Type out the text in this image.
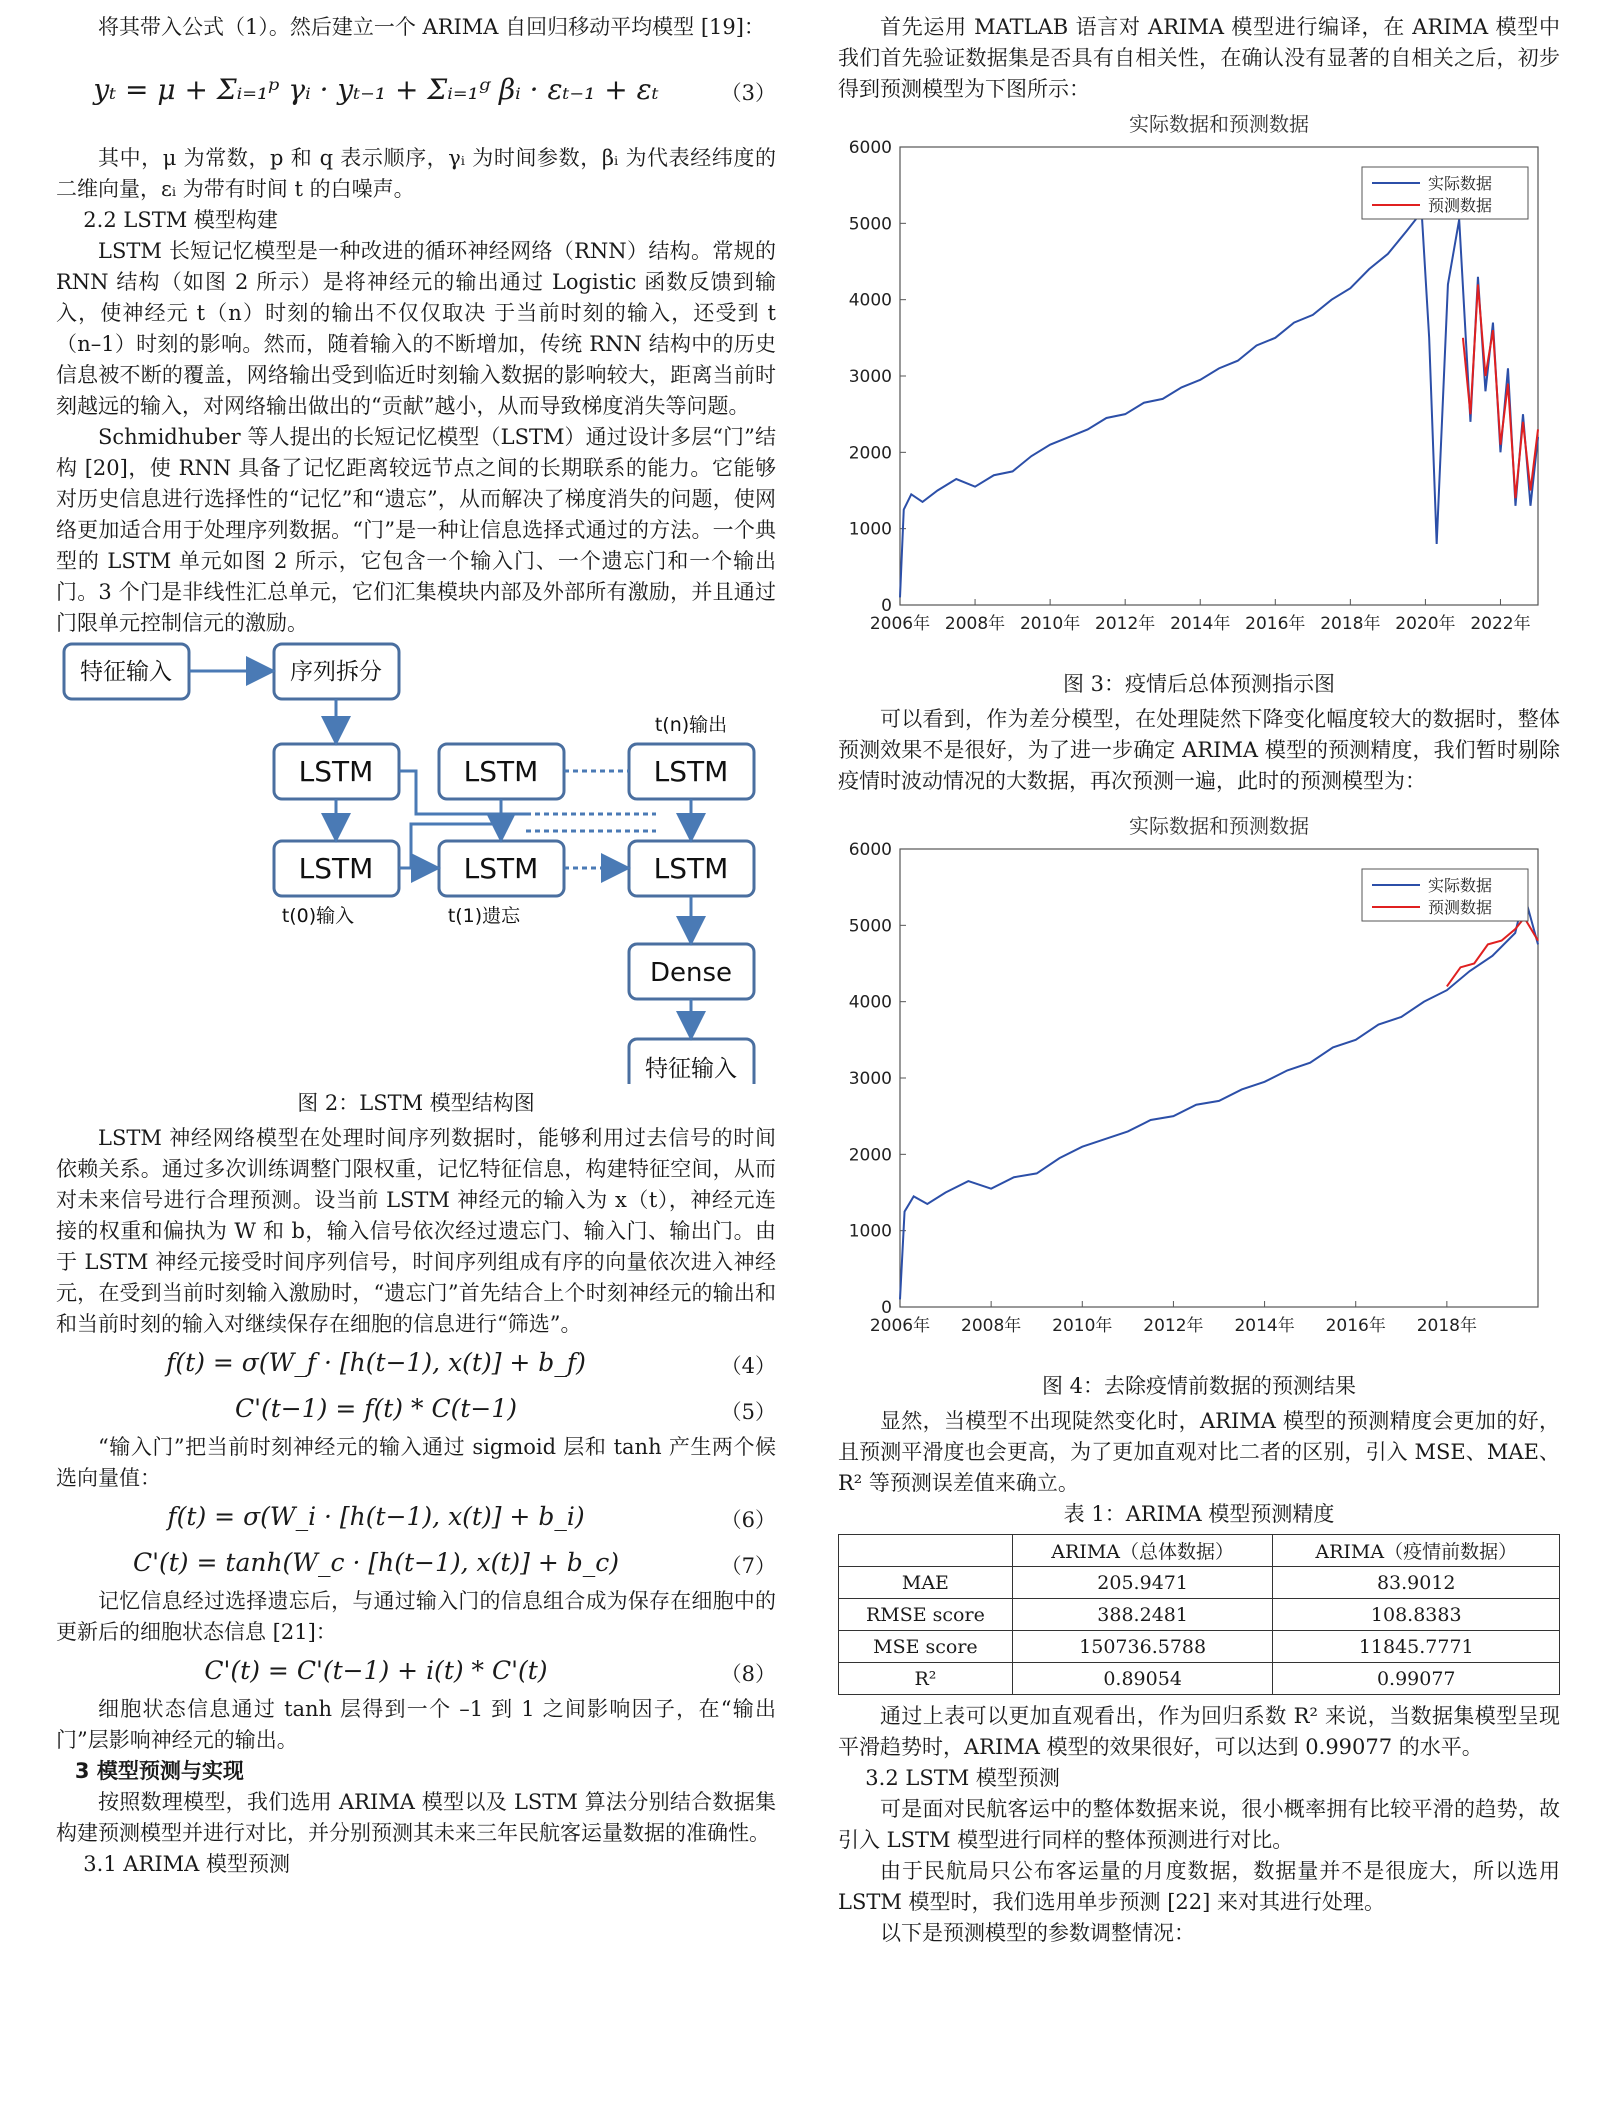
将其带入公式（1）。然后建立一个 ARIMA 自回归移动平均模型 [19]：

yₜ = μ + Σᵢ₌₁ᵖ γᵢ · yₜ₋₁ + Σᵢ₌₁ᵍ βᵢ · εₜ₋₁ + εₜ	（3）

其中，μ 为常数，p 和 q 表示顺序，γᵢ 为时间参数，βᵢ 为代表经纬度的二维向量，εᵢ 为带有时间 t 的白噪声。

2.2 LSTM 模型构建

LSTM 长短记忆模型是一种改进的循环神经网络（RNN）结构。常规的 RNN 结构（如图 2 所示）是将神经元的输出通过 Logistic 函数反馈到输入，使神经元 t（n）时刻的输出不仅仅取决 于当前时刻的输入，还受到 t（n–1）时刻的影响。然而，随着输入的不断增加，传统 RNN 结构中的历史信息被不断的覆盖，网络输出受到临近时刻输入数据的影响较大，距离当前时刻越远的输入，对网络输出做出的“贡献”越小，从而导致梯度消失等问题。

Schmidhuber 等人提出的长短记忆模型（LSTM）通过设计多层“门”结构 [20]，使 RNN 具备了记忆距离较远节点之间的长期联系的能力。它能够对历史信息进行选择性的“记忆”和“遗忘”，从而解决了梯度消失的问题，使网络更加适合用于处理序列数据。“门”是一种让信息选择式通过的方法。一个典型的 LSTM 单元如图 2 所示，它包含一个输入门、一个遗忘门和一个输出门。3 个门是非线性汇总单元，它们汇集模块内部及外部所有激励，并且通过门限单元控制信元的激励。

特征输入	序列拆分
LSTM	LSTM	LSTM
LSTM	LSTM	LSTM
Dense
特征输入
t(n)输出
t(0)输入	t(1)遗忘

图 2：LSTM 模型结构图

LSTM 神经网络模型在处理时间序列数据时，能够利用过去信号的时间依赖关系。通过多次训练调整门限权重，记忆特征信息，构建特征空间，从而对未来信号进行合理预测。设当前 LSTM 神经元的输入为 x（t），神经元连接的权重和偏执为 W 和 b，输入信号依次经过遗忘门、输入门、输出门。由于 LSTM 神经元接受时间序列信号，时间序列组成有序的向量依次进入神经元，在受到当前时刻输入激励时，“遗忘门”首先结合上个时刻神经元的输出和和当前时刻的输入对继续保存在细胞的信息进行“筛选”。

f(t) = σ(W_f · [h(t−1), x(t)] + b_f)	（4）
C'(t−1) = f(t) * C(t−1)	（5）

“输入门”把当前时刻神经元的输入通过 sigmoid 层和 tanh 产生两个候选向量值：

f(t) = σ(W_i · [h(t−1), x(t)] + b_i)	（6）
C'(t) = tanh(W_c · [h(t−1), x(t)] + b_c)	（7）

记忆信息经过选择遗忘后，与通过输入门的信息组合成为保存在细胞中的更新后的细胞状态信息 [21]：

C'(t) = C'(t−1) + i(t) * C'(t)	（8）

细胞状态信息通过 tanh 层得到一个 –1 到 1 之间影响因子，在“输出门”层影响神经元的输出。

3 模型预测与实现

按照数理模型，我们选用 ARIMA 模型以及 LSTM 算法分别结合数据集构建预测模型并进行对比，并分别预测其未来三年民航客运量数据的准确性。

3.1 ARIMA 模型预测

首先运用 MATLAB 语言对 ARIMA 模型进行编译，在 ARIMA 模型中我们首先验证数据集是否具有自相关性，在确认没有显著的自相关之后，初步得到预测模型为下图所示：

实际数据和预测数据
0
1000
2000
3000
4000
5000
6000
2006年 2008年 2010年 2012年 2014年 2016年 2018年 2020年 2022年
实际数据
预测数据

图 3：疫情后总体预测指示图

可以看到，作为差分模型，在处理陡然下降变化幅度较大的数据时，整体预测效果不是很好，为了进一步确定 ARIMA 模型的预测精度，我们暂时剔除疫情时波动情况的大数据，再次预测一遍，此时的预测模型为：

实际数据和预测数据
0
1000
2000
3000
4000
5000
6000
2006年 2008年 2010年 2012年 2014年 2016年 2018年
实际数据
预测数据

图 4：去除疫情前数据的预测结果

显然，当模型不出现陡然变化时，ARIMA 模型的预测精度会更加的好，且预测平滑度也会更高，为了更加直观对比二者的区别，引入 MSE、MAE、R² 等预测误差值来确立。

表 1：ARIMA 模型预测精度

	ARIMA（总体数据）	ARIMA（疫情前数据）
MAE	205.9471	83.9012
RMSE score	388.2481	108.8383
MSE score	150736.5788	11845.7771
R²	0.89054	0.99077

通过上表可以更加直观看出，作为回归系数 R² 来说，当数据集模型呈现平滑趋势时，ARIMA 模型的效果很好，可以达到 0.99077 的水平。

3.2 LSTM 模型预测

可是面对民航客运中的整体数据来说，很小概率拥有比较平滑的趋势，故引入 LSTM 模型进行同样的整体预测进行对比。

由于民航局只公布客运量的月度数据，数据量并不是很庞大，所以选用 LSTM 模型时，我们选用单步预测 [22] 来对其进行处理。

以下是预测模型的参数调整情况：
